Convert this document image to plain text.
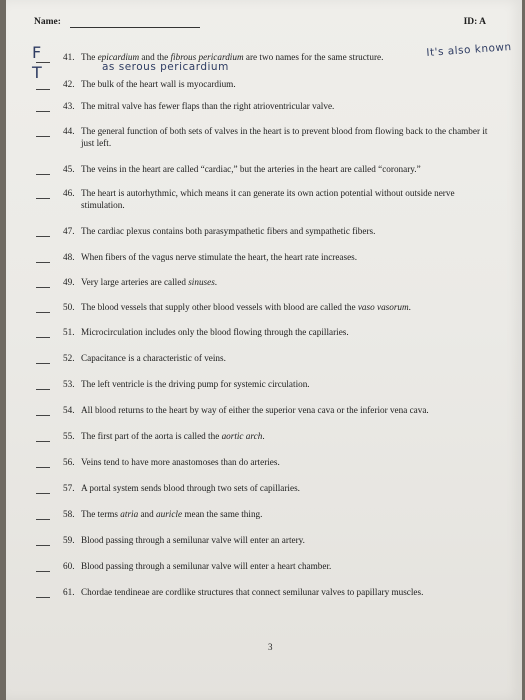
Name:	ID: A
41. The epicardium and the fibrous pericardium are two names for the same structure.
42. The bulk of the heart wall is myocardium.
43. The mitral valve has fewer flaps than the right atrioventricular valve.
44. The general function of both sets of valves in the heart is to prevent blood from flowing back to the chamber it just left.
45. The veins in the heart are called “cardiac,” but the arteries in the heart are called “coronary.”
46. The heart is autorhythmic, which means it can generate its own action potential without outside nerve stimulation.
47. The cardiac plexus contains both parasympathetic fibers and sympathetic fibers.
48. When fibers of the vagus nerve stimulate the heart, the heart rate increases.
49. Very large arteries are called sinuses.
50. The blood vessels that supply other blood vessels with blood are called the vaso vasorum.
51. Microcirculation includes only the blood flowing through the capillaries.
52. Capacitance is a characteristic of veins.
53. The left ventricle is the driving pump for systemic circulation.
54. All blood returns to the heart by way of either the superior vena cava or the inferior vena cava.
55. The first part of the aorta is called the aortic arch.
56. Veins tend to have more anastomoses than do arteries.
57. A portal system sends blood through two sets of capillaries.
58. The terms atria and auricle mean the same thing.
59. Blood passing through a semilunar valve will enter an artery.
60. Blood passing through a semilunar valve will enter a heart chamber.
61. Chordae tendineae are cordlike structures that connect semilunar valves to papillary muscles.
F
T	as serous pericardium
It's also known
3
